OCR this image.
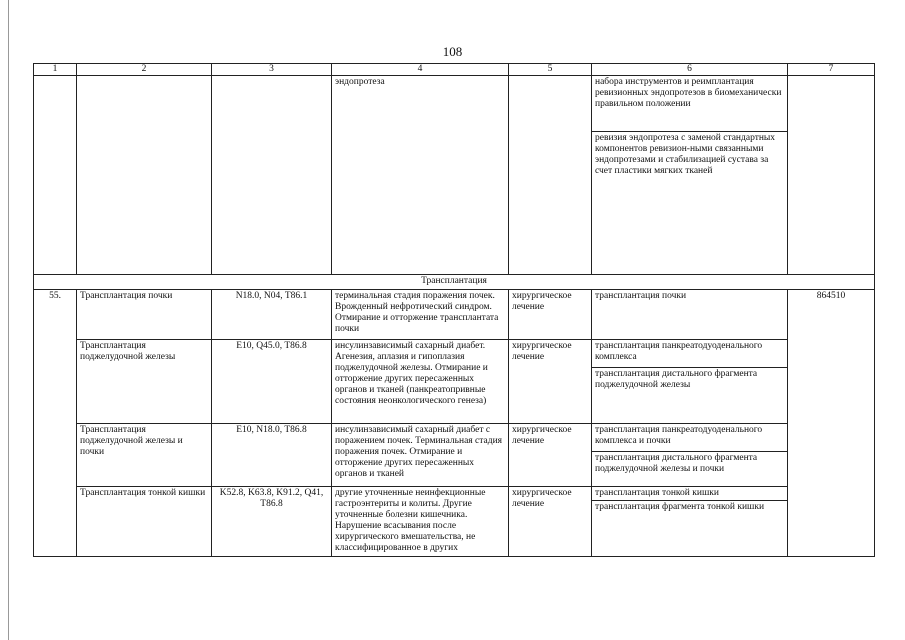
108
1	2	3	4	5	6	7
			эндопротеза		набора инструментов и реимплантация ревизионных эндопротезов в биомеханически правильном положении	
					ревизия эндопротеза с заменой стандартных компонентов ревизион-ными связанными эндопротезами и стабилизацией сустава за счет пластики мягких тканей	
Трансплантация						
55.	Трансплантация почки	N18.0, N04, T86.1	терминальная стадия поражения почек. Врожденный нефротический синдром. Отмирание и отторжение трансплантата почки	хирургическое лечение	трансплантация почки	864510
	Трансплантация поджелудочной железы	E10, Q45.0, T86.8	инсулинзависимый сахарный диабет. Агенезия, аплазия и гипоплазия поджелудочной железы. Отмирание и отторжение других пересаженных органов и тканей (панкреатопривные состояния неонкологического генеза)	хирургическое лечение	трансплантация панкреатодуоденального комплекса	
					трансплантация дистального фрагмента поджелудочной железы	
	Трансплантация поджелудочной железы и почки	E10, N18.0, T86.8	инсулинзависимый сахарный диабет с поражением почек. Терминальная стадия поражения почек. Отмирание и отторжение других пересаженных органов и тканей	хирургическое лечение	трансплантация панкреатодуоденального комплекса и почки	
					трансплантация дистального фрагмента поджелудочной железы и почки	
	Трансплантация тонкой кишки	K52.8, K63.8, K91.2, Q41, T86.8	другие уточненные неинфекционные гастроэнтериты и колиты. Другие уточненные болезни кишечника. Нарушение всасывания после хирургического вмешательства, не классифицированное в других	хирургическое лечение	трансплантация тонкой кишки	
					трансплантация фрагмента тонкой кишки	
